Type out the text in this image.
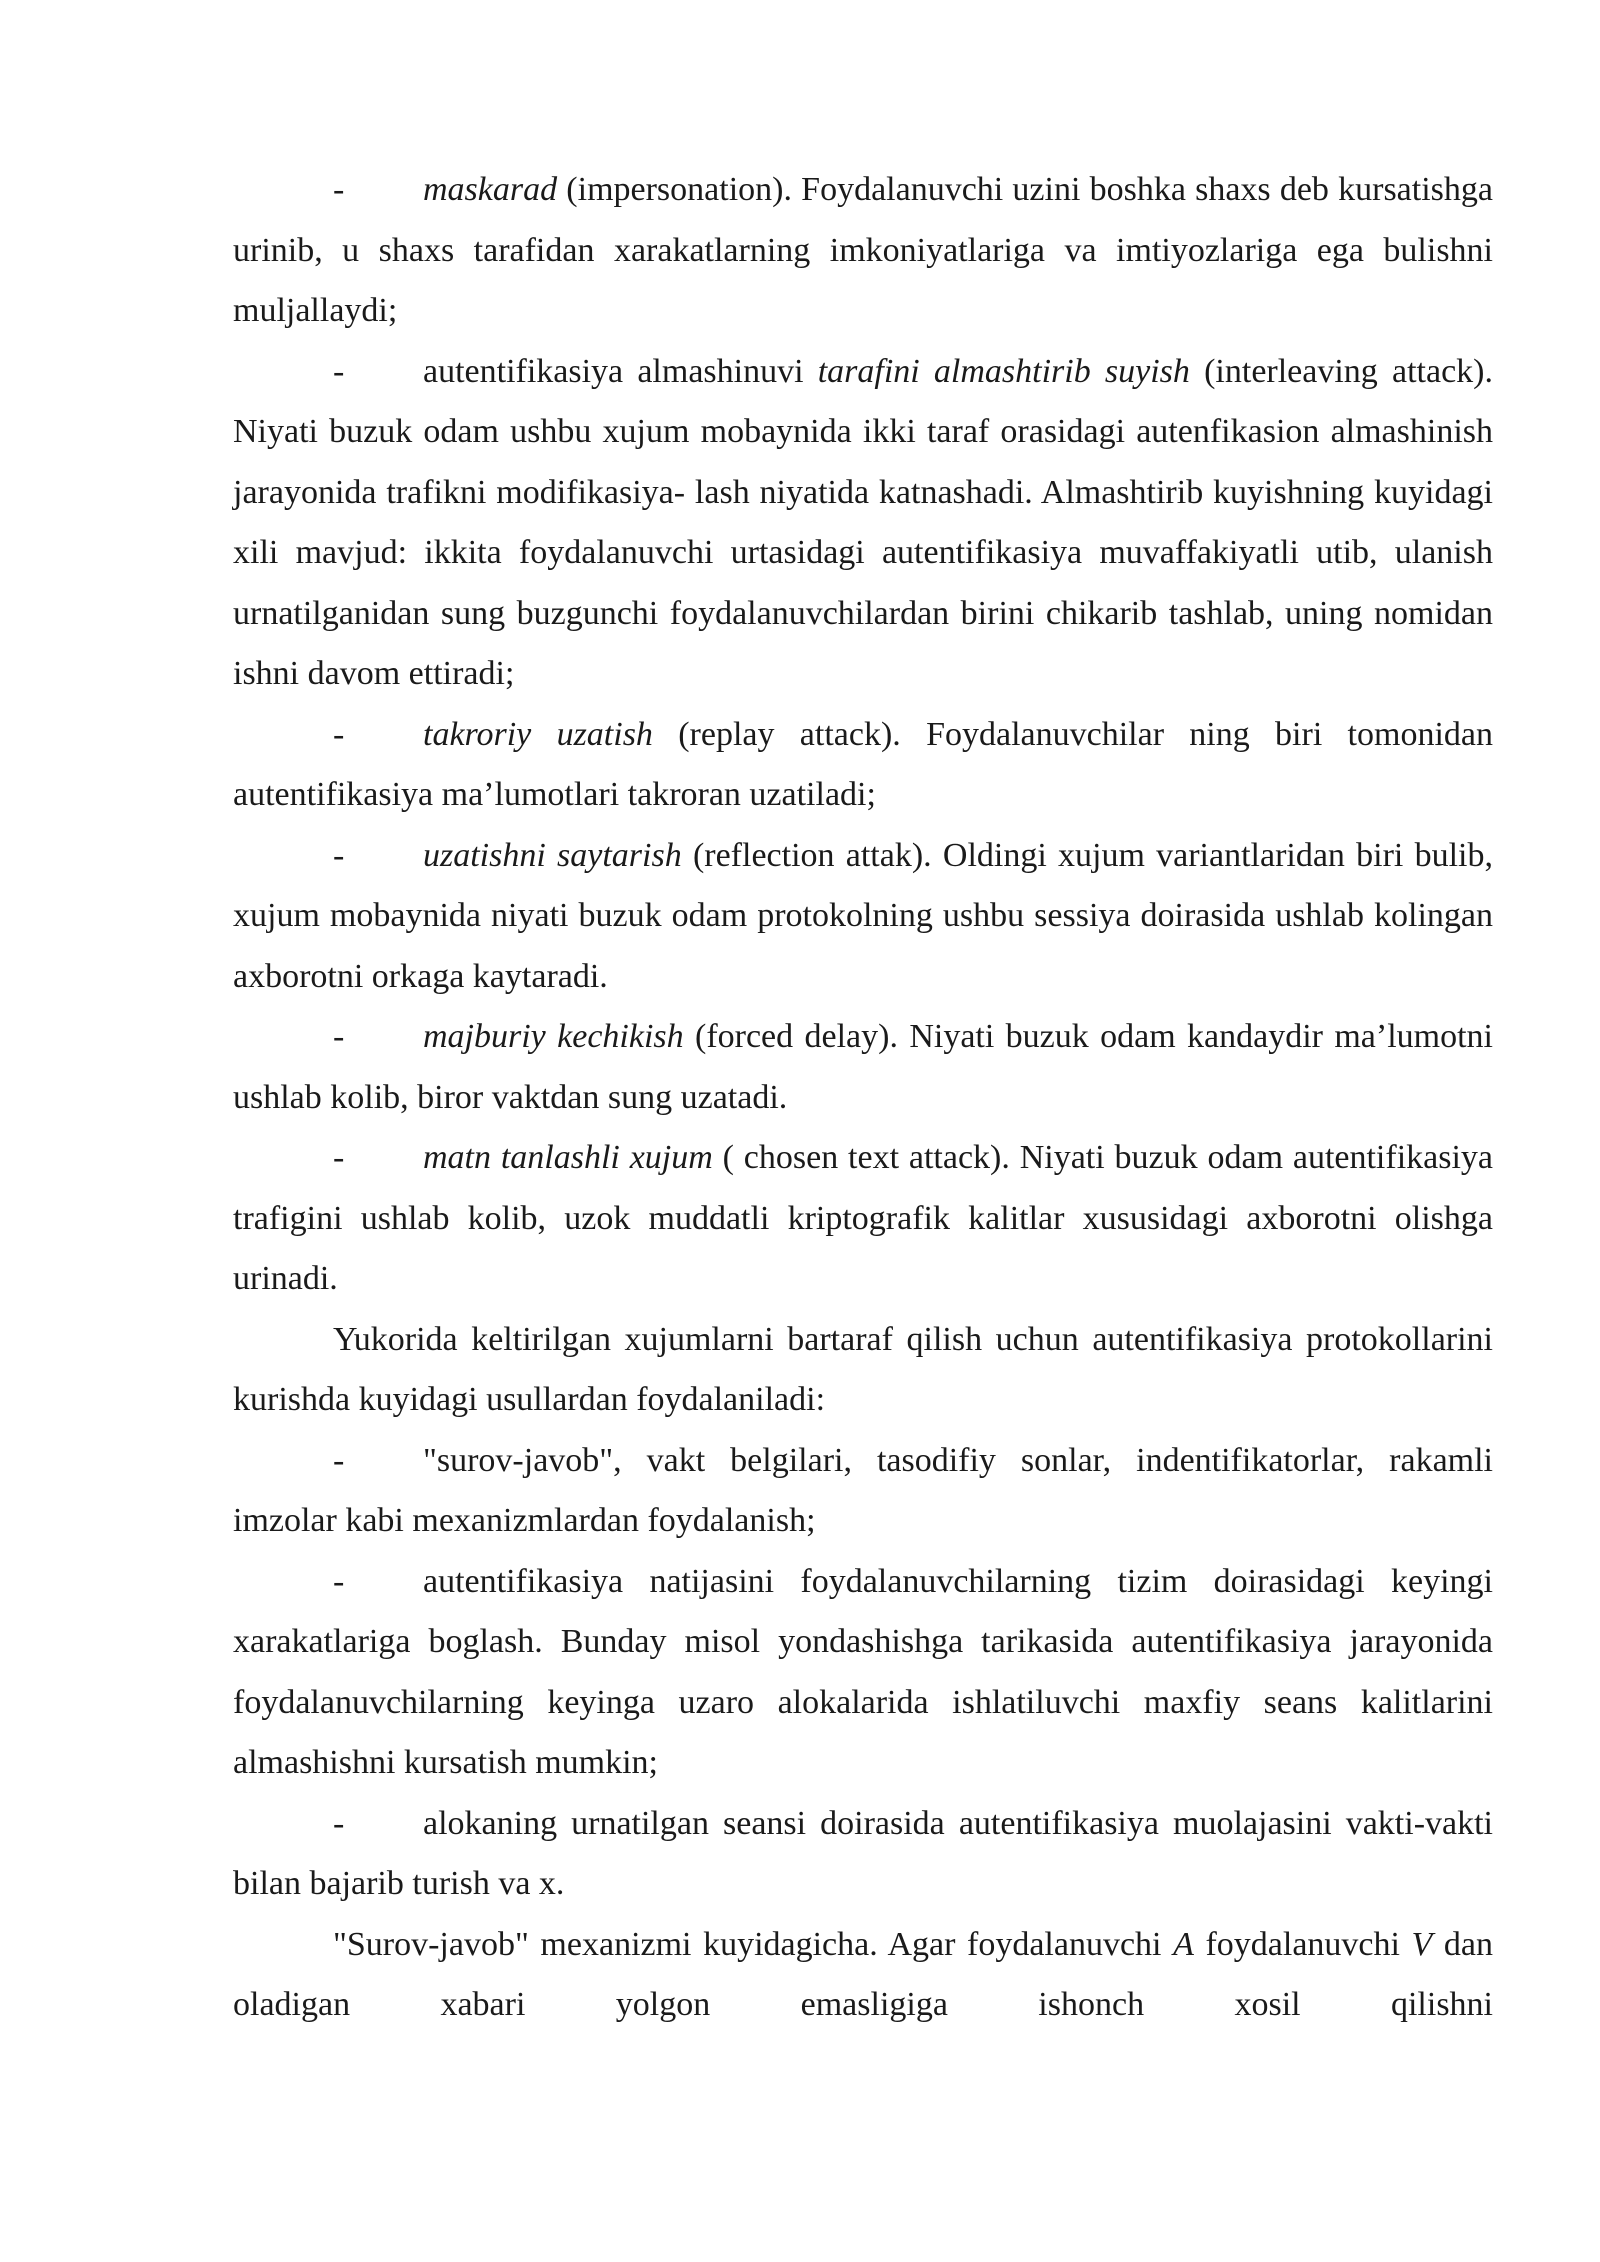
- maskarad (impersonation). Foydalanuvchi uzini boshka shaxs deb kursatishga urinib, u shaxs tarafidan xarakatlarning imkoniyatlariga va imtiyozlariga ega bulishni muljallaydi;

- autentifikasiya almashinuvi tarafini almashtirib suyish (interleaving attack). Niyati buzuk odam ushbu xujum mobaynida ikki taraf orasidagi autenfikasion almashinish jarayonida trafikni modifikasiya- lash niyatida katnashadi. Almashtirib kuyishning kuyidagi xili mavjud: ikkita foydalanuvchi urtasidagi autentifikasiya muvaffakiyatli utib, ulanish urnatilganidan sung buzgunchi foydalanuvchilardan birini chikarib tashlab, uning nomidan ishni davom ettiradi;

- takroriy uzatish (replay attack). Foydalanuvchilar ning biri tomonidan autentifikasiya ma’lumotlari takroran uzatiladi;

- uzatishni saytarish (reflection attak). Oldingi xujum variantlaridan biri bulib, xujum mobaynida niyati buzuk odam protokolning ushbu sessiya doirasida ushlab kolingan axborotni orkaga kaytaradi.

- majburiy kechikish (forced delay). Niyati buzuk odam kandaydir ma’lumotni ushlab kolib, biror vaktdan sung uzatadi.

- matn tanlashli xujum ( chosen text attack). Niyati buzuk odam autentifikasiya trafigini ushlab kolib, uzok muddatli kriptografik kalitlar xususidagi axborotni olishga urinadi.

Yukorida keltirilgan xujumlarni bartaraf qilish uchun autentifikasiya protokollarini kurishda kuyidagi usullardan foydalaniladi:

- "surov-javob", vakt belgilari, tasodifiy sonlar, indentifikatorlar, rakamli imzolar kabi mexanizmlardan foydalanish;

- autentifikasiya natijasini foydalanuvchilarning tizim doirasidagi keyingi xarakatlariga boglash. Bunday misol yondashishga tarikasida autentifikasiya jarayonida foydalanuvchilarning keyinga uzaro alokalarida ishlatiluvchi maxfiy seans kalitlarini almashishni kursatish mumkin;

- alokaning urnatilgan seansi doirasida autentifikasiya muolajasini vakti-vakti bilan bajarib turish va x.

"Surov-javob" mexanizmi kuyidagicha. Agar foydalanuvchi A foydalanuvchi V dan oladigan xabari yolgon emasligiga ishonch xosil qilishni
